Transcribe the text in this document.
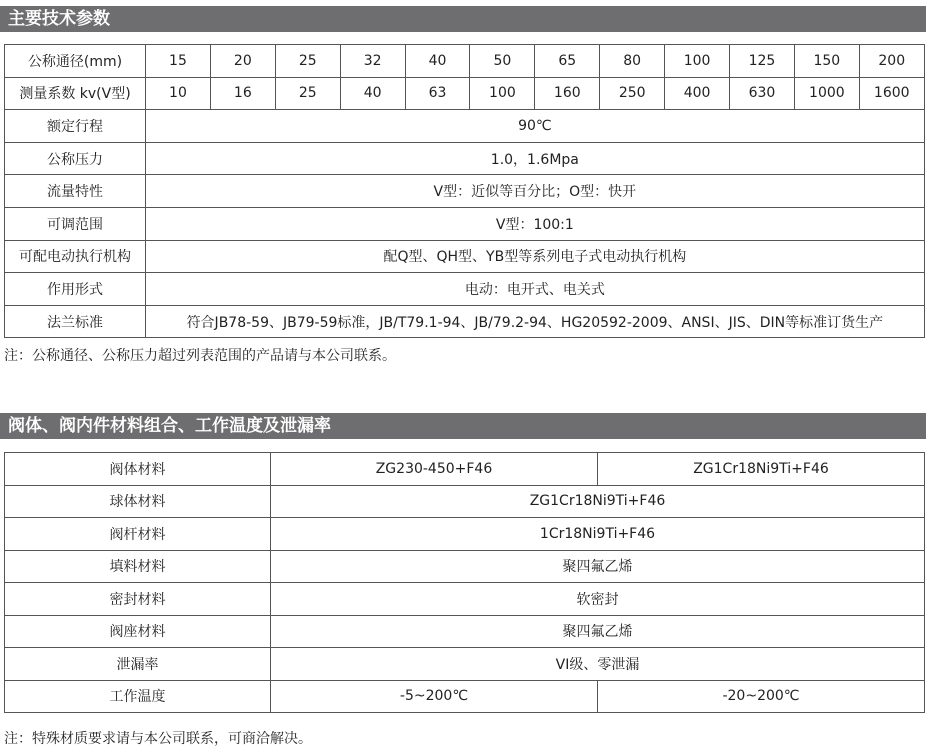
主要技术参数
公称通径(mm)	15	20	25	32	40	50	65	80	100	125	150	200
测量系数 kv(V型)	10	16	25	40	63	100	160	250	400	630	1000	1600
额定行程	90℃											
公称压力	1.0，1.6Mpa											
流量特性	V型：近似等百分比；O型：快开											
可调范围	V型：100:1											
可配电动执行机构	配Q型、QH型、YB型等系列电子式电动执行机构											
作用形式	电动：电开式、电关式											
法兰标准	符合JB78-59、JB79-59标准，JB/T79.1-94、JB/79.2-94、HG20592-2009、ANSI、JIS、DIN等标准订货生产											
注：公称通径、公称压力超过列表范围的产品请与本公司联系。
阀体、阀内件材料组合、工作温度及泄漏率
阀体材料	ZG230-450+F46	ZG1Cr18Ni9Ti+F46
球体材料	ZG1Cr18Ni9Ti+F46	
阀杆材料	1Cr18Ni9Ti+F46	
填料材料	聚四氟乙烯	
密封材料	软密封	
阀座材料	聚四氟乙烯	
泄漏率	VI级、零泄漏	
工作温度	-5~200℃	-20~200℃
注：特殊材质要求请与本公司联系，可商洽解决。
